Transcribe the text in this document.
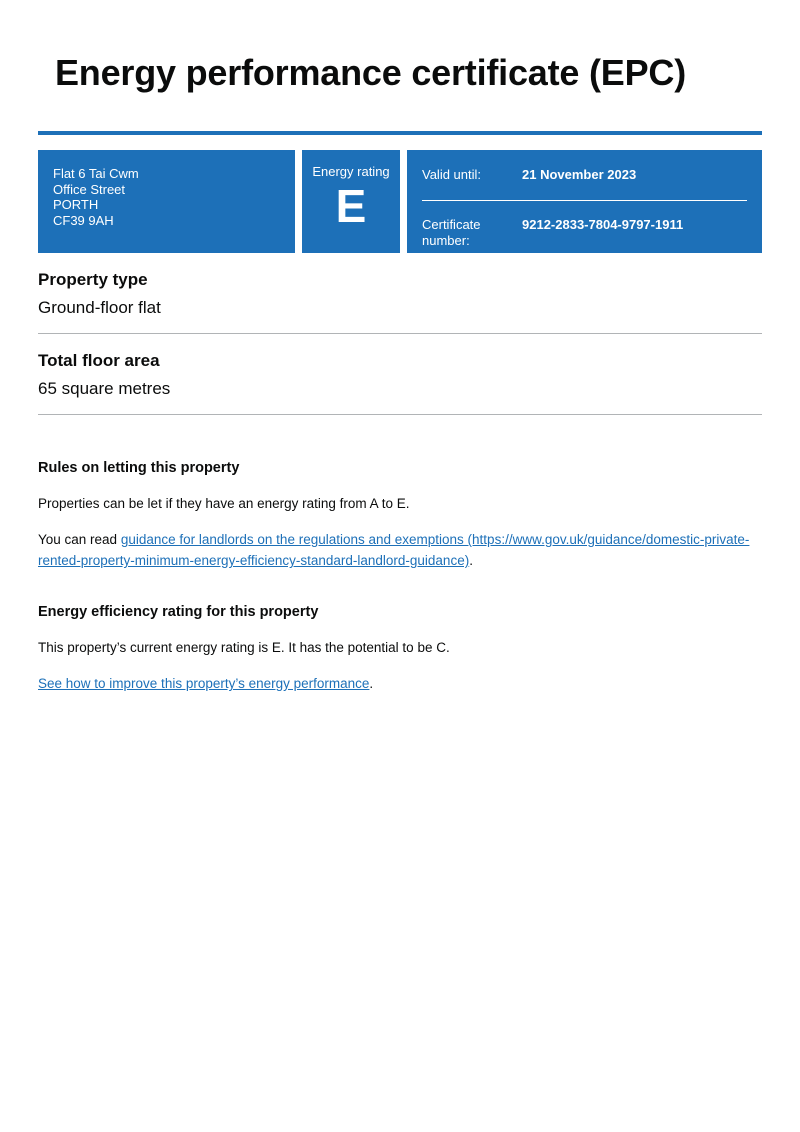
Energy performance certificate (EPC)
Flat 6 Tai Cwm
Office Street
PORTH
CF39 9AH
Energy rating
E
Valid until:	21 November 2023
Certificate number:
9212-2833-7804-9797-1911
Property type
Ground-floor flat
Total floor area
65 square metres
Rules on letting this property

Properties can be let if they have an energy rating from A to E.

You can read guidance for landlords on the regulations and exemptions (https://www.gov.uk/guidance/domestic-private-rented-property-minimum-energy-efficiency-standard-landlord-guidance).

Energy efficiency rating for this property

This property’s current energy rating is E. It has the potential to be C.

See how to improve this property’s energy performance.
